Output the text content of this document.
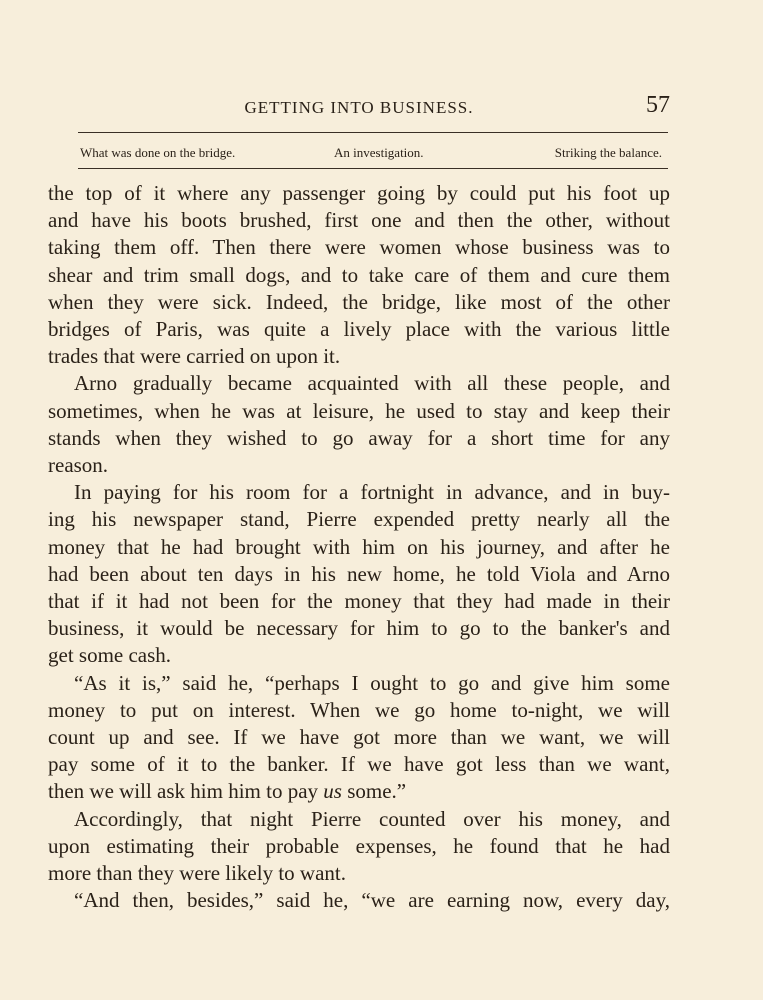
GETTING INTO BUSINESS.	57
What was done on the bridge.	An investigation.	Striking the balance.

the top of it where any passenger going by could put his foot up

and have his boots brushed, first one and then the other, without

taking them off. Then there were women whose business was to

shear and trim small dogs, and to take care of them and cure them

when they were sick. Indeed, the bridge, like most of the other

bridges of Paris, was quite a lively place with the various little

trades that were carried on upon it.

Arno gradually became acquainted with all these people, and

sometimes, when he was at leisure, he used to stay and keep their

stands when they wished to go away for a short time for any

reason.

In paying for his room for a fortnight in advance, and in buy-

ing his newspaper stand, Pierre expended pretty nearly all the

money that he had brought with him on his journey, and after he

had been about ten days in his new home, he told Viola and Arno

that if it had not been for the money that they had made in their

business, it would be necessary for him to go to the banker's and

get some cash.

“As it is,” said he, “perhaps I ought to go and give him some

money to put on interest. When we go home to-night, we will

count up and see. If we have got more than we want, we will

pay some of it to the banker. If we have got less than we want,

then we will ask him him to pay us some.”

Accordingly, that night Pierre counted over his money, and

upon estimating their probable expenses, he found that he had

more than they were likely to want.

“And then, besides,” said he, “we are earning now, every day,
